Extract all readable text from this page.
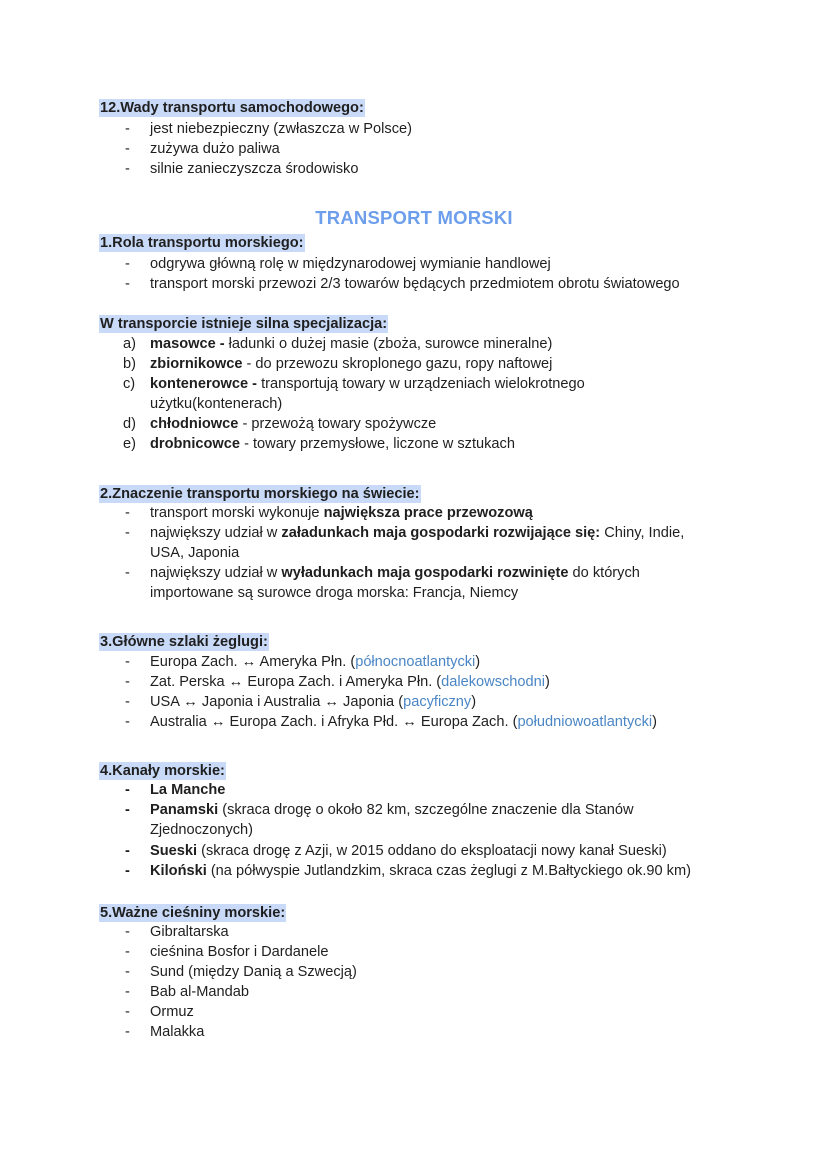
12.Wady transportu samochodowego:
- jest niebezpieczny (zwłaszcza w Polsce)
- zużywa dużo paliwa
- silnie zanieczyszcza środowisko
TRANSPORT MORSKI
1.Rola transportu morskiego:
- odgrywa główną rolę w międzynarodowej wymianie handlowej
- transport morski przewozi 2/3 towarów będących przedmiotem obrotu światowego
W transporcie istnieje silna specjalizacja:
a) masowce - ładunki o dużej masie (zboża, surowce mineralne)
b) zbiornikowce - do przewozu skroplonego gazu, ropy naftowej
c) kontenerowce - transportują towary w urządzeniach wielokrotnego
użytku(kontenerach)
d) chłodniowce - przewożą towary spożywcze
e) drobnicowce - towary przemysłowe, liczone w sztukach
2.Znaczenie transportu morskiego na świecie:
- transport morski wykonuje największa prace przewozową
- największy udział w załadunkach maja gospodarki rozwijające się: Chiny, Indie,
USA, Japonia
- największy udział w wyładunkach maja gospodarki rozwinięte do których
importowane są surowce droga morska: Francja, Niemcy
3.Główne szlaki żeglugi:
- Europa Zach. ↔ Ameryka Płn. (północnoatlantycki)
- Zat. Perska ↔ Europa Zach. i Ameryka Płn. (dalekowschodni)
- USA ↔ Japonia i Australia ↔ Japonia (pacyficzny)
- Australia ↔ Europa Zach. i Afryka Płd. ↔ Europa Zach. (południowoatlantycki)
4.Kanały morskie:
- La Manche
- Panamski (skraca drogę o około 82 km, szczególne znaczenie dla Stanów
Zjednoczonych)
- Sueski (skraca drogę z Azji, w 2015 oddano do eksploatacji nowy kanał Sueski)
- Kiloński (na półwyspie Jutlandzkim, skraca czas żeglugi z M.Bałtyckiego ok.90 km)
5.Ważne cieśniny morskie:
- Gibraltarska
- cieśnina Bosfor i Dardanele
- Sund (między Danią a Szwecją)
- Bab al-Mandab
- Ormuz
- Malakka
